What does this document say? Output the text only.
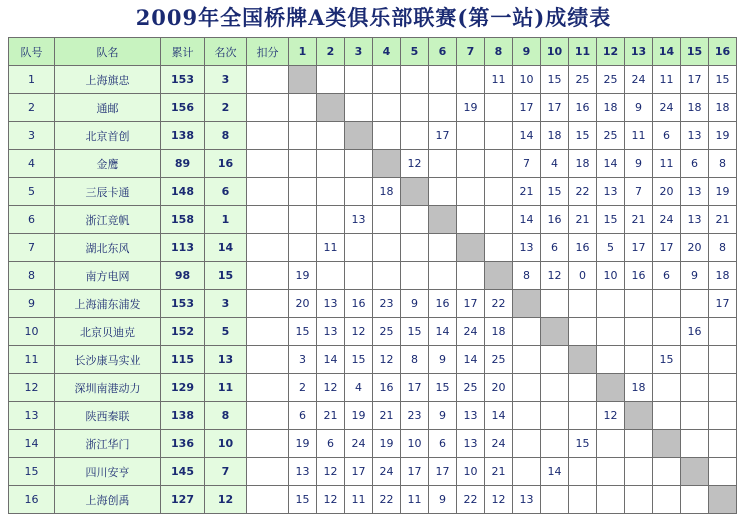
2009年全国桥牌A类俱乐部联赛(第一站)成绩表
队号	队名	累计	名次	扣分	1	2	3	4	5	6	7	8	9	10	11	12	13	14	15	16
1	上海旗忠	153	3									11	10	15	25	25	24	11	17	15
2	通邮	156	2								19		17	17	16	18	9	24	18	18
3	北京首创	138	8							17			14	18	15	25	11	6	13	19
4	金鹰	89	16						12				7	4	18	14	9	11	6	8
5	三辰卡通	148	6					18					21	15	22	13	7	20	13	19
6	浙江竞帆	158	1				13						14	16	21	15	21	24	13	21
7	湖北东风	113	14			11							13	6	16	5	17	17	20	8
8	南方电网	98	15		19								8	12	0	10	16	6	9	18
9	上海浦东浦发	153	3		20	13	16	23	9	16	17	22								17
10	北京贝迪克	152	5		15	13	12	25	15	14	24	18							16	
11	长沙康马实业	115	13		3	14	15	12	8	9	14	25						15		
12	深圳南港动力	129	11		2	12	4	16	17	15	25	20					18			
13	陕西秦联	138	8		6	21	19	21	23	9	13	14				12				
14	浙江华门	136	10		19	6	24	19	10	6	13	24			15					
15	四川安亨	145	7		13	12	17	24	17	17	10	21		14						
16	上海创禹	127	12		15	12	11	22	11	9	22	12	13							
